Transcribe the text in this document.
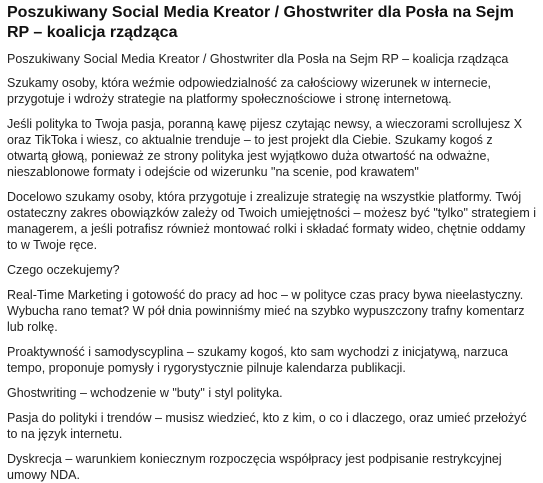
Poszukiwany Social Media Kreator / Ghostwriter dla Posła na Sejm RP – koalicja rządząca

Poszukiwany Social Media Kreator / Ghostwriter dla Posła na Sejm RP – koalicja rządząca

Szukamy osoby, która weźmie odpowiedzialność za całościowy wizerunek w internecie, przygotuje i wdroży strategie na platformy społecznościowe i stronę internetową.

Jeśli polityka to Twoja pasja, poranną kawę pijesz czytając newsy, a wieczorami scrollujesz X oraz TikToka i wiesz, co aktualnie trenduje – to jest projekt dla Ciebie. Szukamy kogoś z otwartą głową, ponieważ ze strony polityka jest wyjątkowo duża otwartość na odważne, nieszablonowe formaty i odejście od wizerunku "na scenie, pod krawatem"

Docelowo szukamy osoby, która przygotuje i zrealizuje strategię na wszystkie platformy. Twój ostateczny zakres obowiązków zależy od Twoich umiejętności – możesz być "tylko" strategiem i managerem, a jeśli potrafisz również montować rolki i składać formaty wideo, chętnie oddamy to w Twoje ręce.

Czego oczekujemy?

Real-Time Marketing i gotowość do pracy ad hoc – w polityce czas pracy bywa nieelastyczny. Wybucha rano temat? W pół dnia powinniśmy mieć na szybko wypuszczony trafny komentarz lub rolkę.

Proaktywność i samodyscyplina – szukamy kogoś, kto sam wychodzi z inicjatywą, narzuca tempo, proponuje pomysły i rygorystycznie pilnuje kalendarza publikacji.

Ghostwriting – wchodzenie w "buty" i styl polityka.

Pasja do polityki i trendów – musisz wiedzieć, kto z kim, o co i dlaczego, oraz umieć przełożyć to na język internetu.

Dyskrecja – warunkiem koniecznym rozpoczęcia współpracy jest podpisanie restrykcyjnej umowy NDA.
